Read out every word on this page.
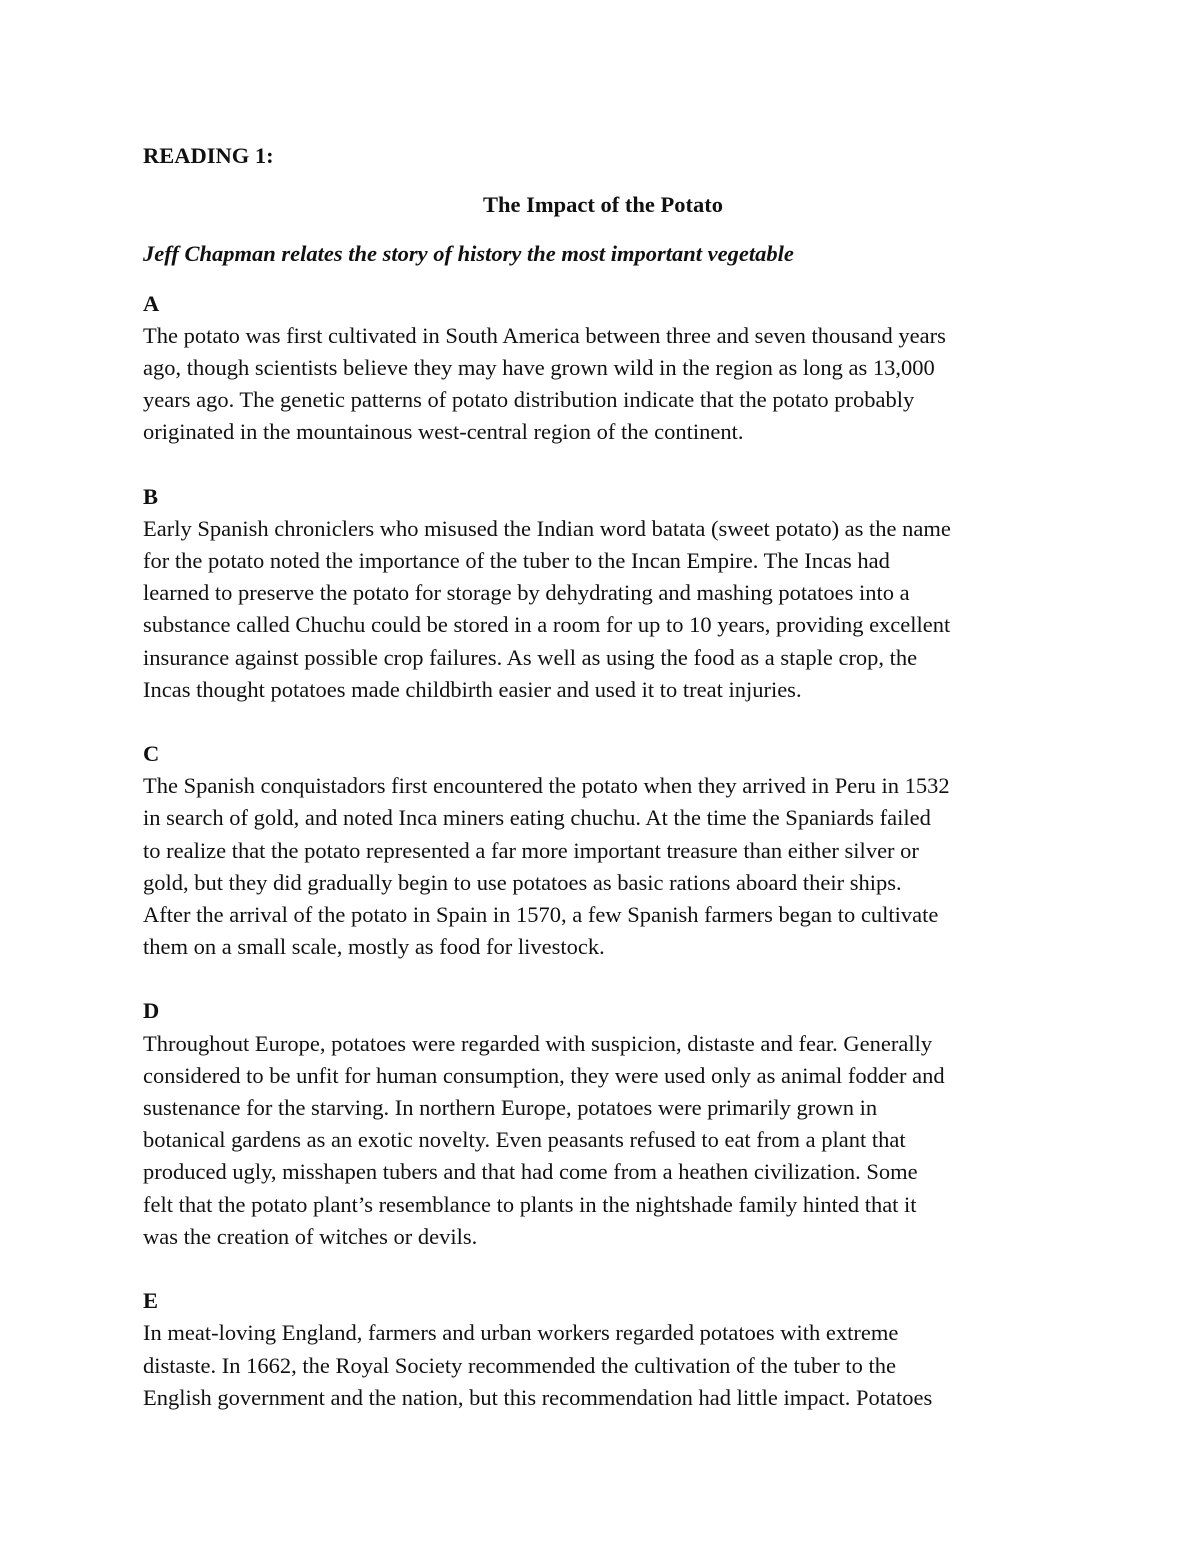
READING 1:
The Impact of the Potato
Jeff Chapman relates the story of history the most important vegetable
A
The potato was first cultivated in South America between three and seven thousand years
ago, though scientists believe they may have grown wild in the region as long as 13,000
years ago. The genetic patterns of potato distribution indicate that the potato probably
originated in the mountainous west-central region of the continent.
B
Early Spanish chroniclers who misused the Indian word batata (sweet potato) as the name
for the potato noted the importance of the tuber to the Incan Empire. The Incas had
learned to preserve the potato for storage by dehydrating and mashing potatoes into a
substance called Chuchu could be stored in a room for up to 10 years, providing excellent
insurance against possible crop failures. As well as using the food as a staple crop, the
Incas thought potatoes made childbirth easier and used it to treat injuries.
C
The Spanish conquistadors first encountered the potato when they arrived in Peru in 1532
in search of gold, and noted Inca miners eating chuchu. At the time the Spaniards failed
to realize that the potato represented a far more important treasure than either silver or
gold, but they did gradually begin to use potatoes as basic rations aboard their ships.
After the arrival of the potato in Spain in 1570, a few Spanish farmers began to cultivate
them on a small scale, mostly as food for livestock.
D
Throughout Europe, potatoes were regarded with suspicion, distaste and fear. Generally
considered to be unfit for human consumption, they were used only as animal fodder and
sustenance for the starving. In northern Europe, potatoes were primarily grown in
botanical gardens as an exotic novelty. Even peasants refused to eat from a plant that
produced ugly, misshapen tubers and that had come from a heathen civilization. Some
felt that the potato plant’s resemblance to plants in the nightshade family hinted that it
was the creation of witches or devils.
E
In meat-loving England, farmers and urban workers regarded potatoes with extreme
distaste. In 1662, the Royal Society recommended the cultivation of the tuber to the
English government and the nation, but this recommendation had little impact. Potatoes
